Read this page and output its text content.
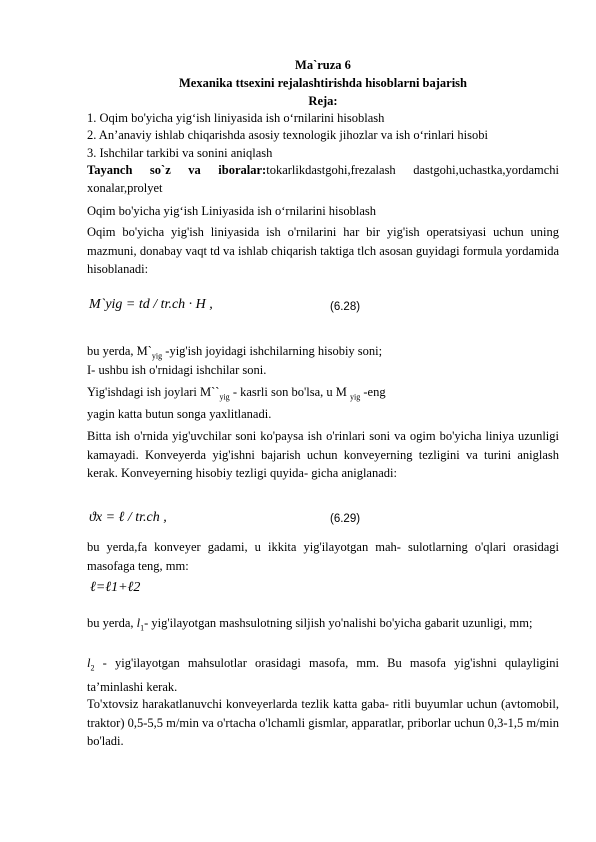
Ma`ruza 6
Mexanika ttsexini rejalashtirishda hisoblarni bajarish
Reja:
1. Oqim bo'yicha yig‘ish liniyasida ish o‘rnilarini hisoblash
2. An’anaviy ishlab chiqarishda asosiy texnologik jihozlar va ish o‘rinlari hisobi
3. Ishchilar tarkibi va sonini aniqlash
Tayanch so`z va iboralar:tokarlikdastgohi,frezalash dastgohi,uchastka,yordamchi xonalar,prolyet
Oqim bo'yicha yig‘ish Liniyasida ish o‘rnilarini hisoblash
Oqim bo'yicha yig'ish liniyasida ish o'rnilarini har bir yig'ish operatsiyasi uchun uning mazmuni, donabay vaqt td va ishlab chiqarish taktiga tlch asosan guyidagi formula yordamida hisoblanadi:
M`yig = td / tr.ch · H ,	(6.28)
bu yerda, $M`_{yig}$ -yig'ish joyidagi ishchilarning hisobiy soni;
I- ushbu ish o'rnidagi ishchilar soni.
Yig'ishdagi ish joylari $M``_{yig}$ - kasrli son bo'lsa, u M $_{yig}$ -eng
yagin katta butun songa yaxlitlanadi.
Bitta ish o'rnida yig'uvchilar soni ko'paysa ish o'rinlari soni va ogim bo'yicha liniya uzunligi kamayadi. Konveyerda yig'ishni bajarish uchun konveyerning tezligini va turini aniglash kerak. Konveyerning hisobiy tezligi quyida- gicha aniglanadi:
ϑx = ℓ / tr.ch ,	(6.29)
bu yerda,fa konveyer gadami, u ikkita yig'ilayotgan mah- sulotlarning o'qlari orasidagi masofaga teng, mm:
ℓ=ℓ1+ℓ2
bu yerda, $l_1-$ yig'ilayotgan mashsulotning siljish yo'nalishi bo'yicha gabarit uzunligi, mm;
$l_2$ - yig'ilayotgan mahsulotlar orasidagi masofa, mm. Bu masofa yig'ishni qulayligini ta’minlashi kerak.
To'xtovsiz harakatlanuvchi konveyerlarda tezlik katta gaba- ritli buyumlar uchun (avtomobil, traktor) 0,5-5,5 m/min va o'rtacha o'lchamli gismlar, apparatlar, priborlar uchun 0,3-1,5 m/min bo'ladi.
